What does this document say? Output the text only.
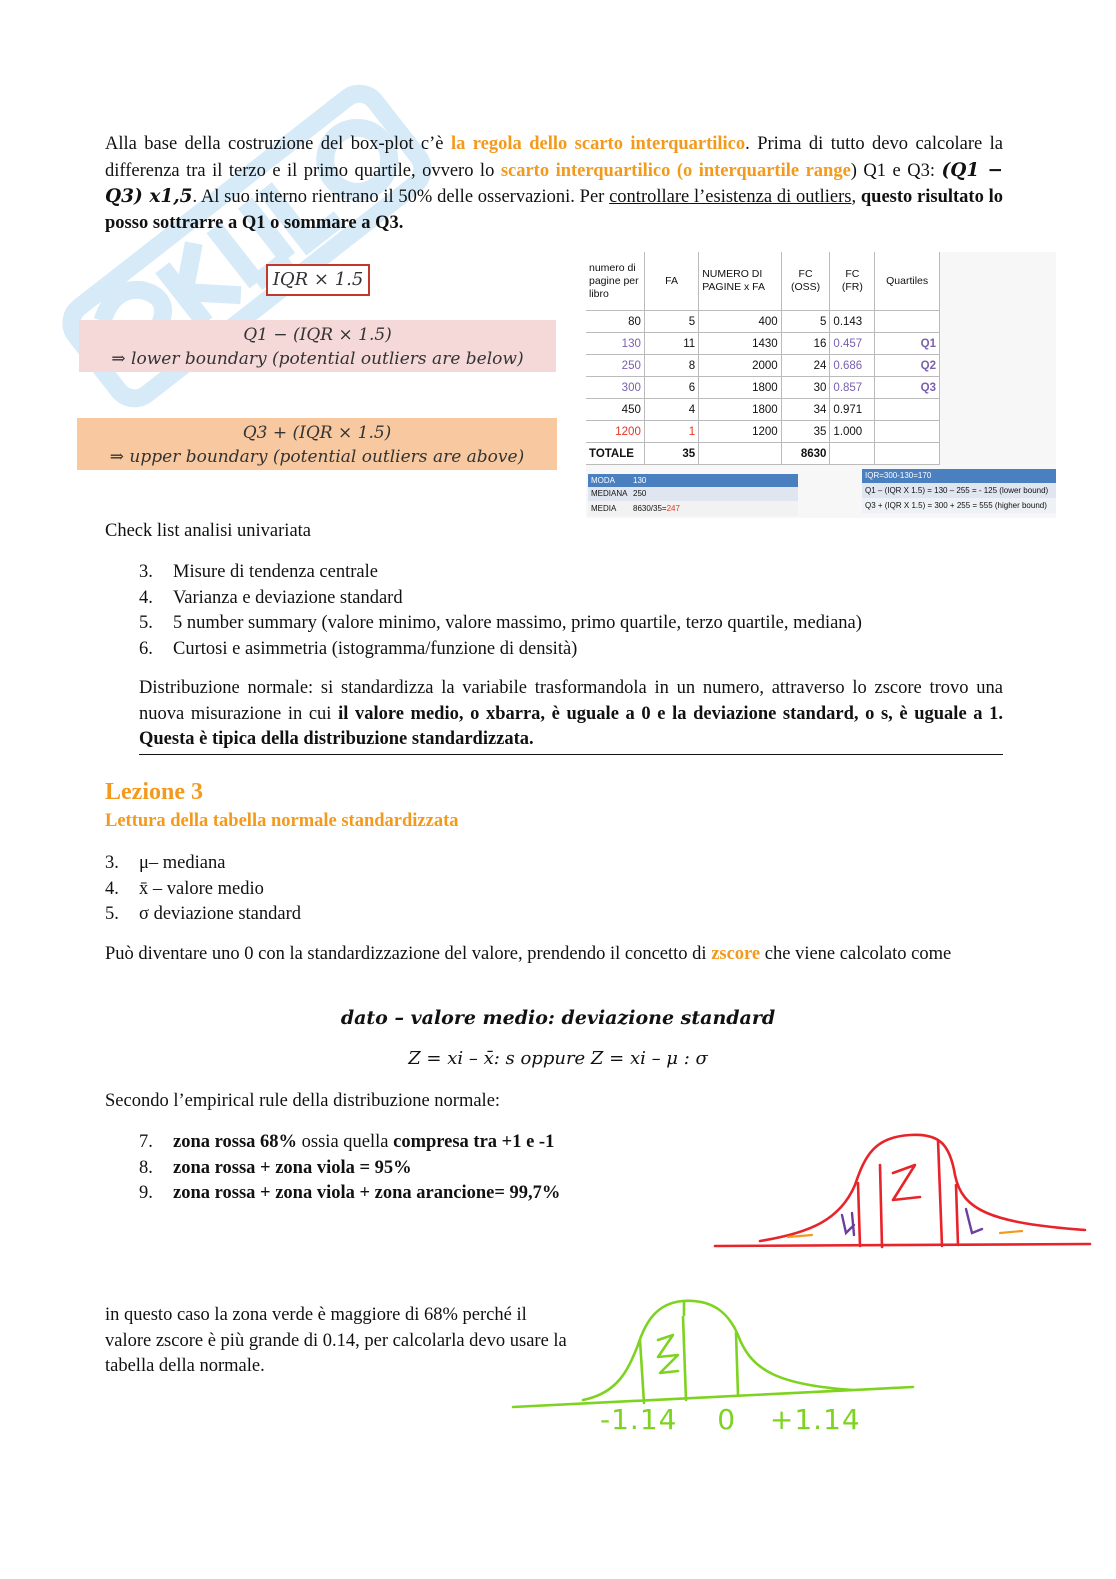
Alla base della costruzione del box-plot c’è la regola dello scarto interquartilico. Prima di tutto devo calcolare la differenza tra il terzo e il primo quartile, ovvero lo scarto interquartilico (o interquartile range) Q1 e Q3: (Q1 − Q3) x1,5. Al suo interno rientrano il 50% delle osservazioni. Per controllare l’esistenza di outliers, questo risultato lo posso sottrarre a Q1 o sommare a Q3.
IQR × 1.5
Q1 − (IQR × 1.5)
⇒ lower boundary (potential outliers are below)
Q3 + (IQR × 1.5)
⇒ upper boundary (potential outliers are above)
numero di pagine per libro	FA	NUMERO DI PAGINE x FA	FC (OSS)	FC (FR)	Quartiles
80	5	400	5	0.143	
130	11	1430	16	0.457	Q1
250	8	2000	24	0.686	Q2
300	6	1800	30	0.857	Q3
450	4	1800	34	0.971	
1200	1	1200	35	1.000	
TOTALE	35		8630		
MODA 130
MEDIANA 250
MEDIA 8630/35=247
IQR=300-130=170
Q1 – (IQR X 1.5) = 130 – 255 = - 125 (lower bound)
Q3 + (IQR X 1.5) = 300 + 255 = 555 (higher bound)
Check list analisi univariata
3. Misure di tendenza centrale
4. Varianza e deviazione standard
5. 5 number summary (valore minimo, valore massimo, primo quartile, terzo quartile, mediana)
6. Curtosi e asimmetria (istogramma/funzione di densità)
Distribuzione normale: si standardizza la variabile trasformandola in un numero, attraverso lo zscore trovo una nuova misurazione in cui il valore medio, o xbarra, è uguale a 0 e la deviazione standard, o s, è uguale a 1. Questa è tipica della distribuzione standardizzata.
Lezione 3
Lettura della tabella normale standardizzata
3. μ– mediana
4. x̄ – valore medio
5. σ deviazione standard
Può diventare uno 0 con la standardizzazione del valore, prendendo il concetto di zscore che viene calcolato come
dato – valore medio: deviazione standard
Z = xi – x̄: s oppure Z = xi – μ : σ
Secondo l’empirical rule della distribuzione normale:
7. zona rossa 68% ossia quella compresa tra +1 e -1
8. zona rossa + zona viola = 95%
9. zona rossa + zona viola + zona arancione= 99,7%
in questo caso la zona verde è maggiore di 68% perché il valore zscore è più grande di 0.14, per calcolarla devo usare la tabella della normale.
-1.14 0 +1.14
